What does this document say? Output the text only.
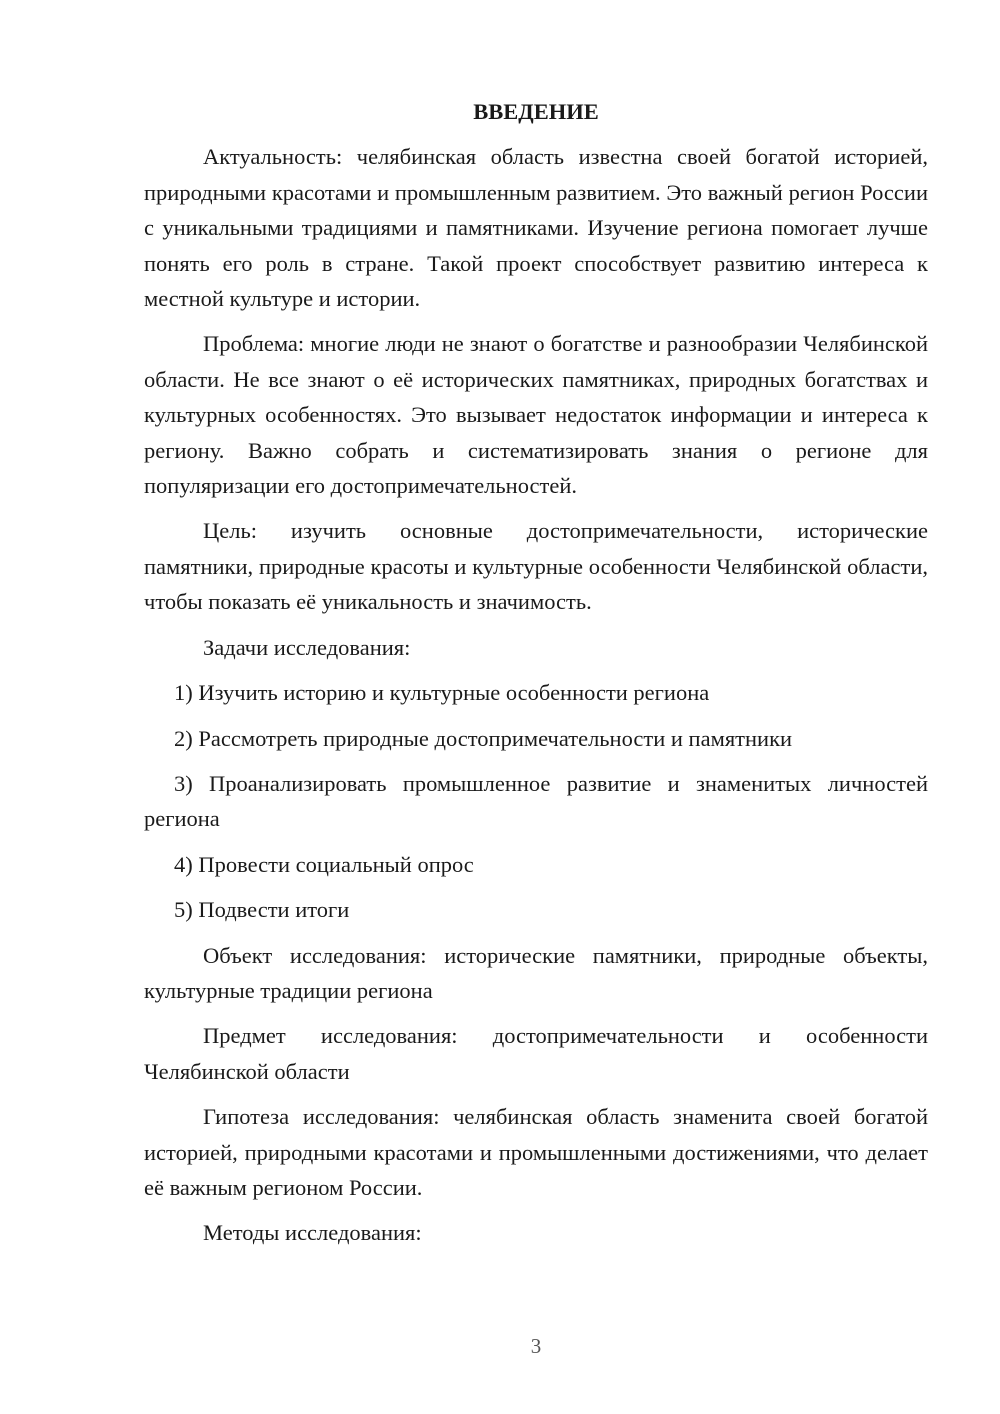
ВВЕДЕНИЕ

Актуальность: челябинская область известна своей богатой историей, природными красотами и промышленным развитием. Это важный регион России с уникальными традициями и памятниками. Изучение региона помогает лучше понять его роль в стране. Такой проект способствует развитию интереса к местной культуре и истории.

Проблема: многие люди не знают о богатстве и разнообразии Челябинской области. Не все знают о её исторических памятниках, природных богатствах и культурных особенностях. Это вызывает недостаток информации и интереса к региону. Важно собрать и систематизировать знания о регионе для популяризации его достопримечательностей.

Цель: изучить основные достопримечательности, исторические памятники, природные красоты и культурные особенности Челябинской области, чтобы показать её уникальность и значимость.

Задачи исследования:

1) Изучить историю и культурные особенности региона

2) Рассмотреть природные достопримечательности и памятники

3) Проанализировать промышленное развитие и знаменитых личностей региона

4) Провести социальный опрос

5) Подвести итоги

Объект исследования: исторические памятники, природные объекты, культурные традиции региона

Предмет исследования: достопримечательности и особенности Челябинской области

Гипотеза исследования: челябинская область знаменита своей богатой историей, природными красотами и промышленными достижениями, что делает её важным регионом России.

Методы исследования:

3
